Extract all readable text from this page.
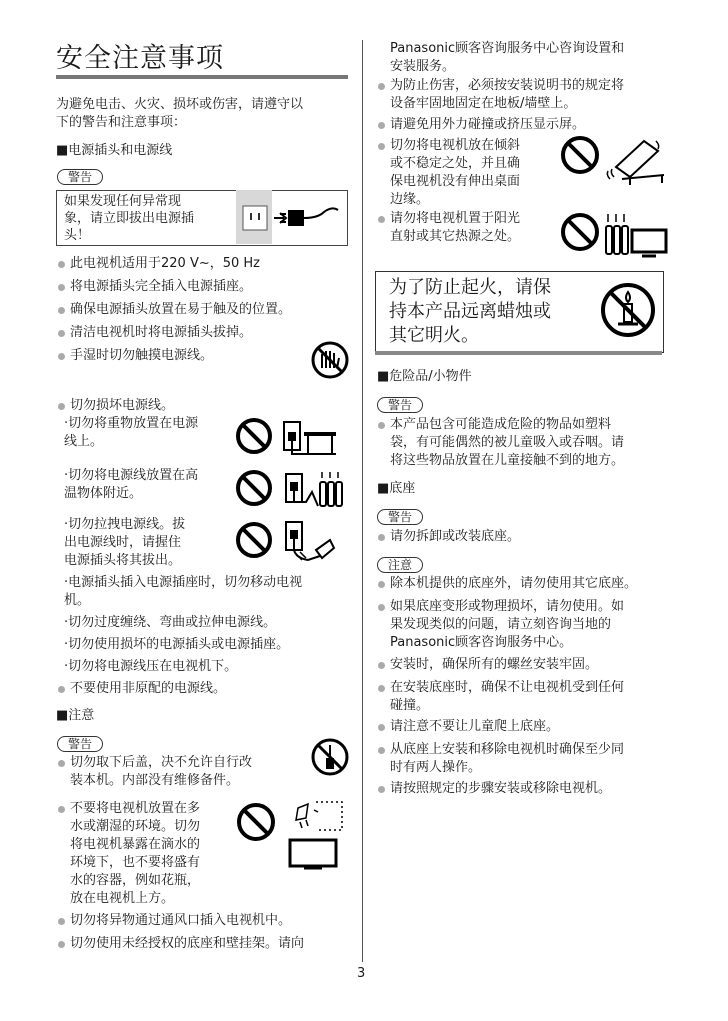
安全注意事项
为避免电击、火灾、损坏或伤害，请遵守以
下的警告和注意事项：
■电源插头和电源线
警告
如果发现任何异常现
象，请立即拔出电源插
头！
此电视机适用于220 V~，50 Hz
将电源插头完全插入电源插座。
确保电源插头放置在易于触及的位置。
清洁电视机时将电源插头拔掉。
手湿时切勿触摸电源线。
切勿损坏电源线。
·切勿将重物放置在电源
线上。
·切勿将电源线放置在高
温物体附近。
·切勿拉拽电源线。拔
出电源线时，请握住
电源插头将其拔出。
·电源插头插入电源插座时，切勿移动电视
机。
·切勿过度缠绕、弯曲或拉伸电源线。
·切勿使用损坏的电源插头或电源插座。
·切勿将电源线压在电视机下。
不要使用非原配的电源线。
■注意
警告
切勿取下后盖，决不允许自行改
装本机。内部没有维修备件。
不要将电视机放置在多
水或潮湿的环境。切勿
将电视机暴露在滴水的
环境下，也不要将盛有
水的容器，例如花瓶，
放在电视机上方。
切勿将异物通过通风口插入电视机中。
切勿使用未经授权的底座和壁挂架。请向
Panasonic顾客咨询服务中心咨询设置和
安装服务。
为防止伤害，必须按安装说明书的规定将
设备牢固地固定在地板/墙壁上。
请避免用外力碰撞或挤压显示屏。
切勿将电视机放在倾斜
或不稳定之处，并且确
保电视机没有伸出桌面
边缘。
请勿将电视机置于阳光
直射或其它热源之处。
为了防止起火，请保
持本产品远离蜡烛或
其它明火。
■危险品/小物件
警告
本产品包含可能造成危险的物品如塑料
袋，有可能偶然的被儿童吸入或吞咽。请
将这些物品放置在儿童接触不到的地方。
■底座
警告
请勿拆卸或改装底座。
注意
除本机提供的底座外，请勿使用其它底座。
如果底座变形或物理损坏，请勿使用。如
果发现类似的问题，请立刻咨询当地的
Panasonic顾客咨询服务中心。
安装时，确保所有的螺丝安装牢固。
在安装底座时，确保不让电视机受到任何
碰撞。
请注意不要让儿童爬上底座。
从底座上安装和移除电视机时确保至少同
时有两人操作。
请按照规定的步骤安装或移除电视机。
3
